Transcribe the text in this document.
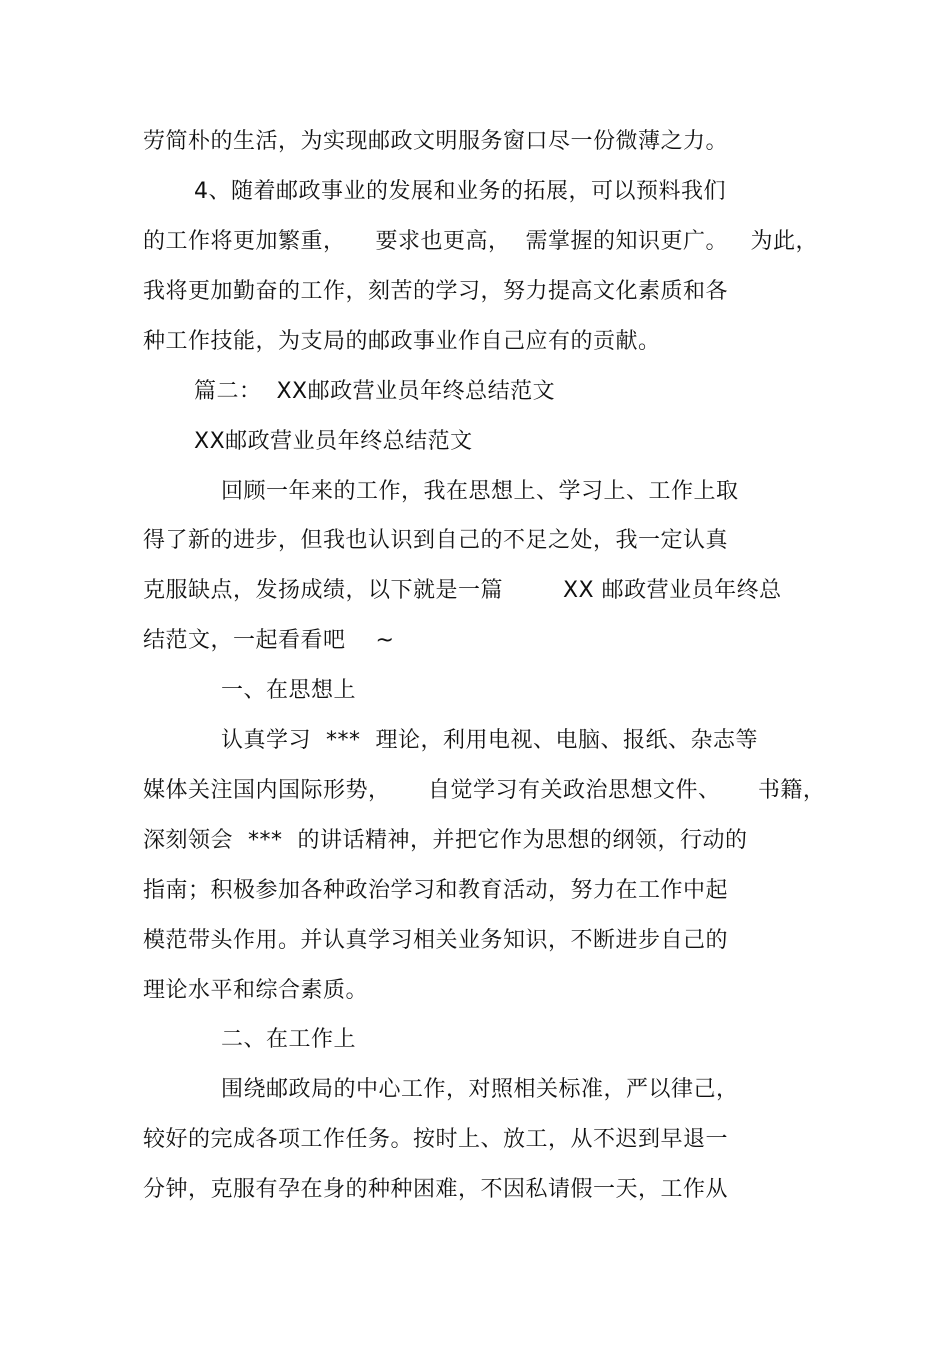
劳简朴的生活，为实现邮政文明服务窗口尽一份微薄之力。
4、随着邮政事业的发展和业务的拓展，可以预料我们
的工作将更加繁重，    要求也更高，  需掌握的知识更广。   为此，
我将更加勤奋的工作，刻苦的学习，努力提高文化素质和各
种工作技能，为支局的邮政事业作自己应有的贡献。
篇二：  XX邮政营业员年终总结范文
XX邮政营业员年终总结范文
回顾一年来的工作，我在思想上、学习上、工作上取
得了新的进步，但我也认识到自己的不足之处，我一定认真
克服缺点，发扬成绩，以下就是一篇        XX 邮政营业员年终总
结范文，一起看看吧    ~
一、在思想上
认真学习  ***  理论，利用电视、电脑、报纸、杂志等
媒体关注国内国际形势，     自觉学习有关政治思想文件、     书籍，
深刻领会  ***  的讲话精神，并把它作为思想的纲领，行动的
指南；积极参加各种政治学习和教育活动，努力在工作中起
模范带头作用。并认真学习相关业务知识，不断进步自己的
理论水平和综合素质。
二、在工作上
围绕邮政局的中心工作，对照相关标准，严以律己，
较好的完成各项工作任务。按时上、放工，从不迟到早退一
分钟，克服有孕在身的种种困难，不因私请假一天，工作从
